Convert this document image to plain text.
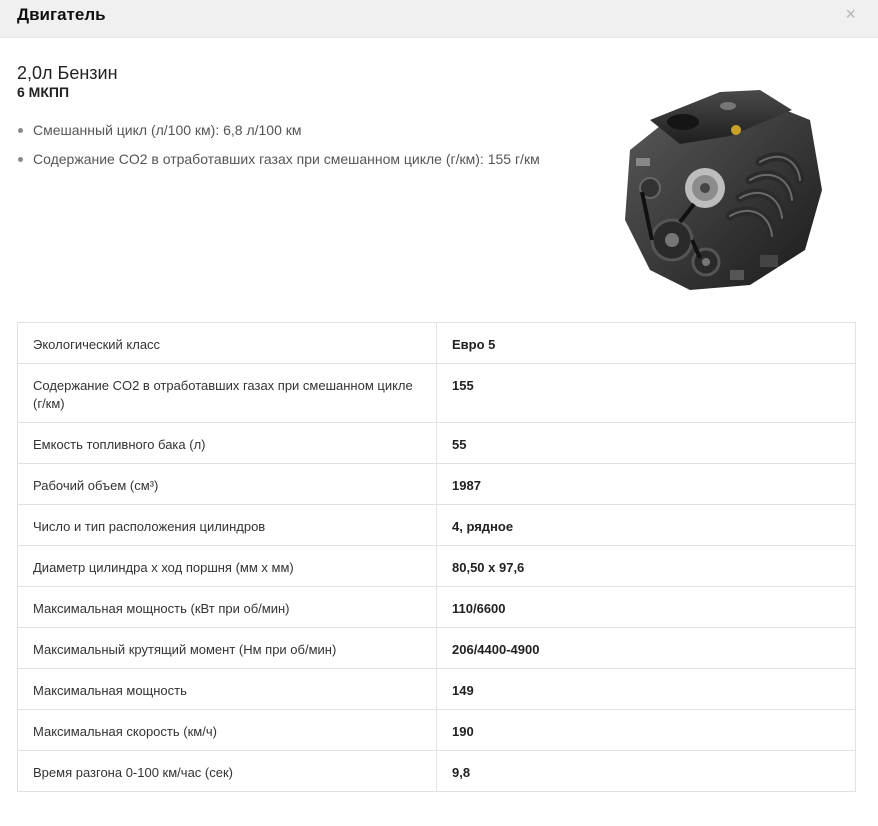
Двигатель	×
2,0л Бензин
6 МКПП
Смешанный цикл (л/100 км): 6,8 л/100 км
Содержание CO2 в отработавших газах при смешанном цикле (г/км): 155 г/км
Экологический класс	Евро 5

Содержание CO2 в отработавших газах при смешанном цикле (г/км)	155

Емкость топливного бака (л)	55

Рабочий объем (см³)	1987

Число и тип расположения цилиндров	4, рядное

Диаметр цилиндра x ход поршня (мм x мм)	80,50 x 97,6

Максимальная мощность (кВт при об/мин)	110/6600

Максимальный крутящий момент (Нм при об/мин)	206/4400-4900

Максимальная мощность	149

Максимальная скорость (км/ч)	190

Время разгона 0-100 км/час (сек)	9,8
